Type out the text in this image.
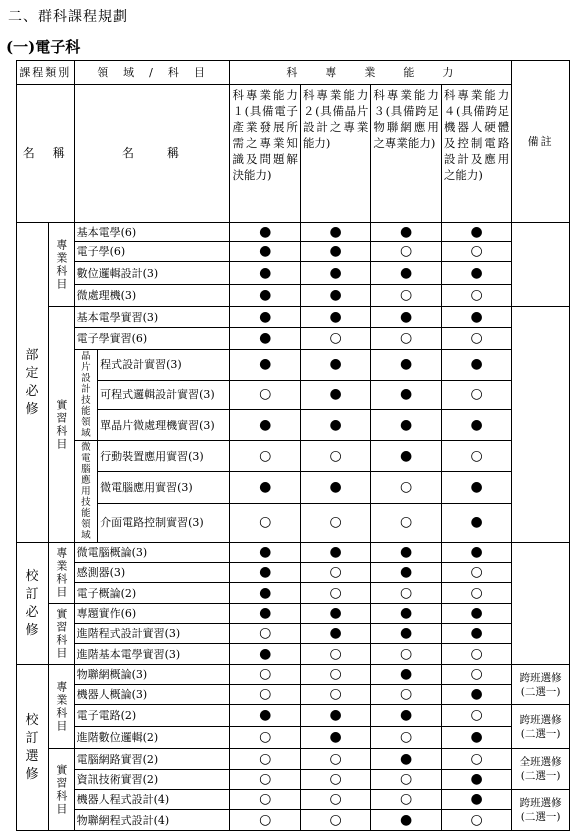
二、群科課程規劃
(一)電子科
課程類別		領　域　/　科　目		科　　專　　業　　能　　力				備註
名　稱		名　　稱		科專業能力１(具備電子產業發展所需之專業知識及問題解決能力)	科專業能力２(具備晶片設計之專業能力)	科專業能力３(具備跨足物聯網應用之專業能力)	科專業能力４(具備跨足機器人硬體及控制電路設計及應用之能力)	
部定必修	專業科目	基本電學(6)		●	●	●	●	
		電子學(6)		●	●	○	○	
		數位邏輯設計(3)		●	●	●	●	
		微處理機(3)		●	●	○	○	

	實習科目	基本電學實習(3)		●	●	●	●	
		電子學實習(6)		●	○	○	○	

		晶片設計技能領域	程式設計實習(3)	●	●	●	●	
			可程式邏輯設計實習(3)	○	●	●	○	
			單晶片微處理機實習(3)	●	●	●	●	

		微電腦應用技能領域	行動裝置應用實習(3)	○	○	●	○	
			微電腦應用實習(3)	●	●	○	●	
			介面電路控制實習(3)	○	○	○	●	
校訂必修	專業科目	微電腦概論(3)		●	●	●	●	
		感測器(3)		●	○	●	○	
		電子概論(2)		●	○	○	○	

	實習科目	專題實作(6)		●	●	●	●	
		進階程式設計實習(3)		○	●	●	●	
		進階基本電學實習(3)		●	○	○	○	
校訂選修	專業科目	物聯網概論(3)		○	○	●	○	跨班選修(二選一)
		機器人概論(3)		○	○	○	●	
		電子電路(2)		●	●	●	○	跨班選修(二選一)
		進階數位邏輯(2)		○	●	○	●	

	實習科目	電腦網路實習(2)		○	○	●	○	全班選修(二選一)
		資訊技術實習(2)		○	○	○	●	
		機器人程式設計(4)		○	○	○	●	跨班選修(二選一)
		物聯網程式設計(4)		○	○	●	○	
